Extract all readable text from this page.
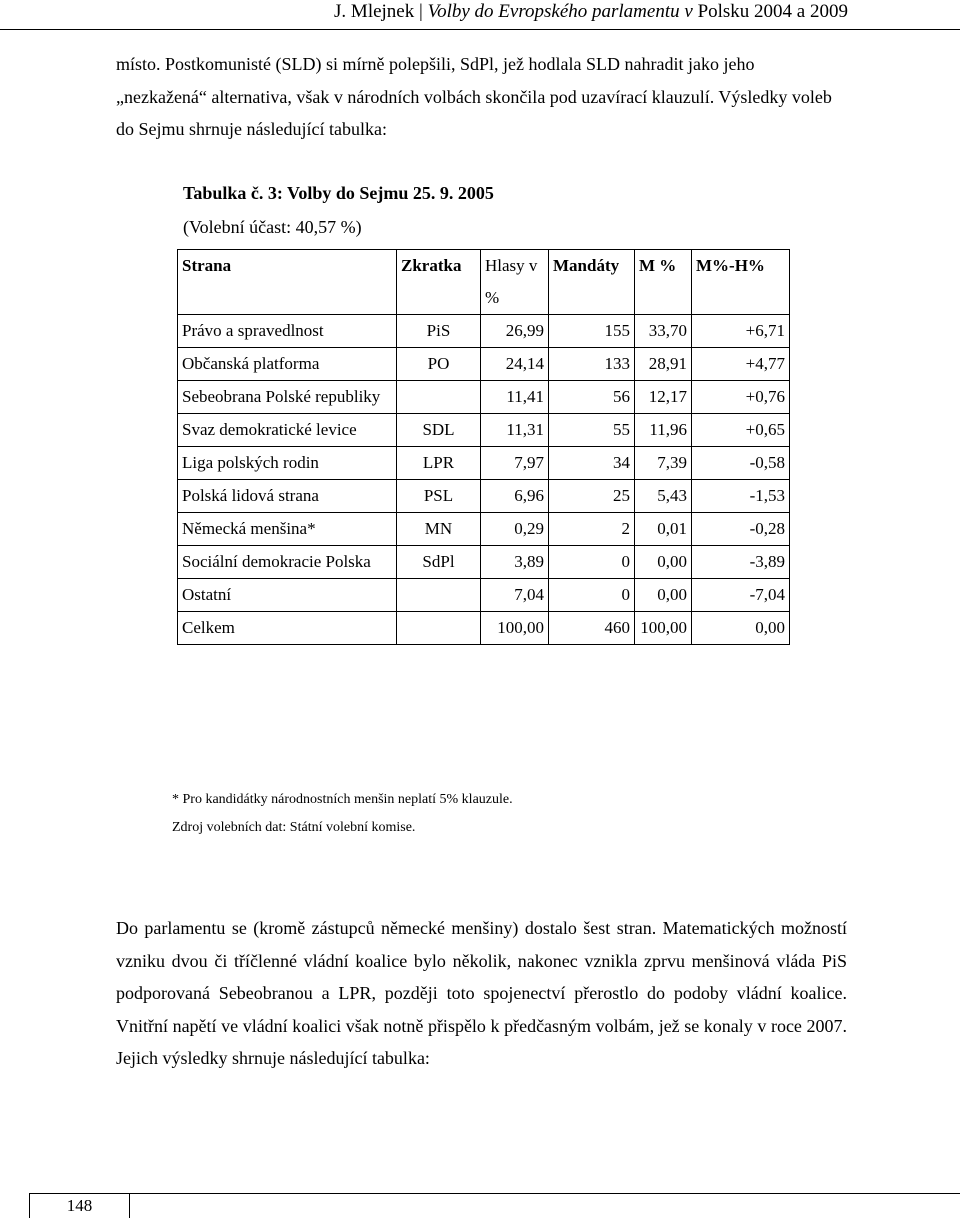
J. Mlejnek | Volby do Evropského parlamentu v Polsku 2004 a 2009
místo. Postkomunisté (SLD) si mírně polepšili, SdPl, jež hodlala SLD nahradit jako jeho „nezkažená“ alternativa, však v národních volbách skončila pod uzavírací klauzulí. Výsledky voleb do Sejmu shrnuje následující tabulka:
Tabulka č. 3: Volby do Sejmu 25. 9. 2005
(Volební účast: 40,57 %)
Strana	Zkratka	Hlasy v %	Mandáty	M %	M%-H%
Právo a spravedlnost	PiS	26,99	155	33,70	+6,71
Občanská platforma	PO	24,14	133	28,91	+4,77
Sebeobrana Polské republiky		11,41	56	12,17	+0,76
Svaz demokratické levice	SDL	11,31	55	11,96	+0,65
Liga polských rodin	LPR	7,97	34	7,39	-0,58
Polská lidová strana	PSL	6,96	25	5,43	-1,53
Německá menšina*	MN	0,29	2	0,01	-0,28
Sociální demokracie Polska	SdPl	3,89	0	0,00	-3,89
Ostatní		7,04	0	0,00	-7,04
Celkem		100,00	460	100,00	0,00
* Pro kandidátky národnostních menšin neplatí 5% klauzule.
Zdroj volebních dat: Státní volební komise.
Do parlamentu se (kromě zástupců německé menšiny) dostalo šest stran. Matematických možností vzniku dvou či tříčlenné vládní koalice bylo několik, nakonec vznikla zprvu menšinová vláda PiS podporovaná Sebeobranou a LPR, později toto spojenectví přerostlo do podoby vládní koalice. Vnitřní napětí ve vládní koalici však notně přispělo k předčasným volbám, jež se konaly v roce 2007. Jejich výsledky shrnuje následující tabulka:
148
